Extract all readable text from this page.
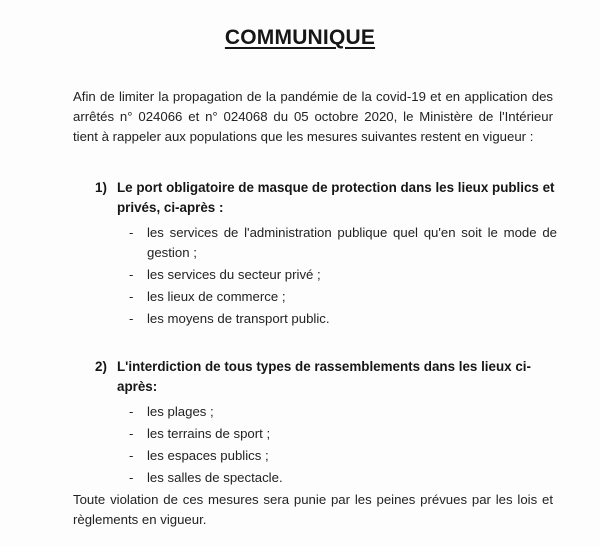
COMMUNIQUE
Afin de limiter la propagation de la pandémie de la covid-19 et en application des arrêtés n° 024066 et n° 024068 du 05 octobre 2020, le Ministère de l'Intérieur tient à rappeler aux populations que les mesures suivantes restent en vigueur :
1) Le port obligatoire de masque de protection dans les lieux publics et privés, ci-après :
-	les services de l'administration publique quel qu'en soit le mode de gestion ;
-	les services du secteur privé ;
-	les lieux de commerce ;
-	les moyens de transport public.
2) L'interdiction de tous types de rassemblements dans les lieux ci-après:
-	les plages ;
-	les terrains de sport ;
-	les espaces publics ;
-	les salles de spectacle.
Toute violation de ces mesures sera punie par les peines prévues par les lois et règlements en vigueur.
